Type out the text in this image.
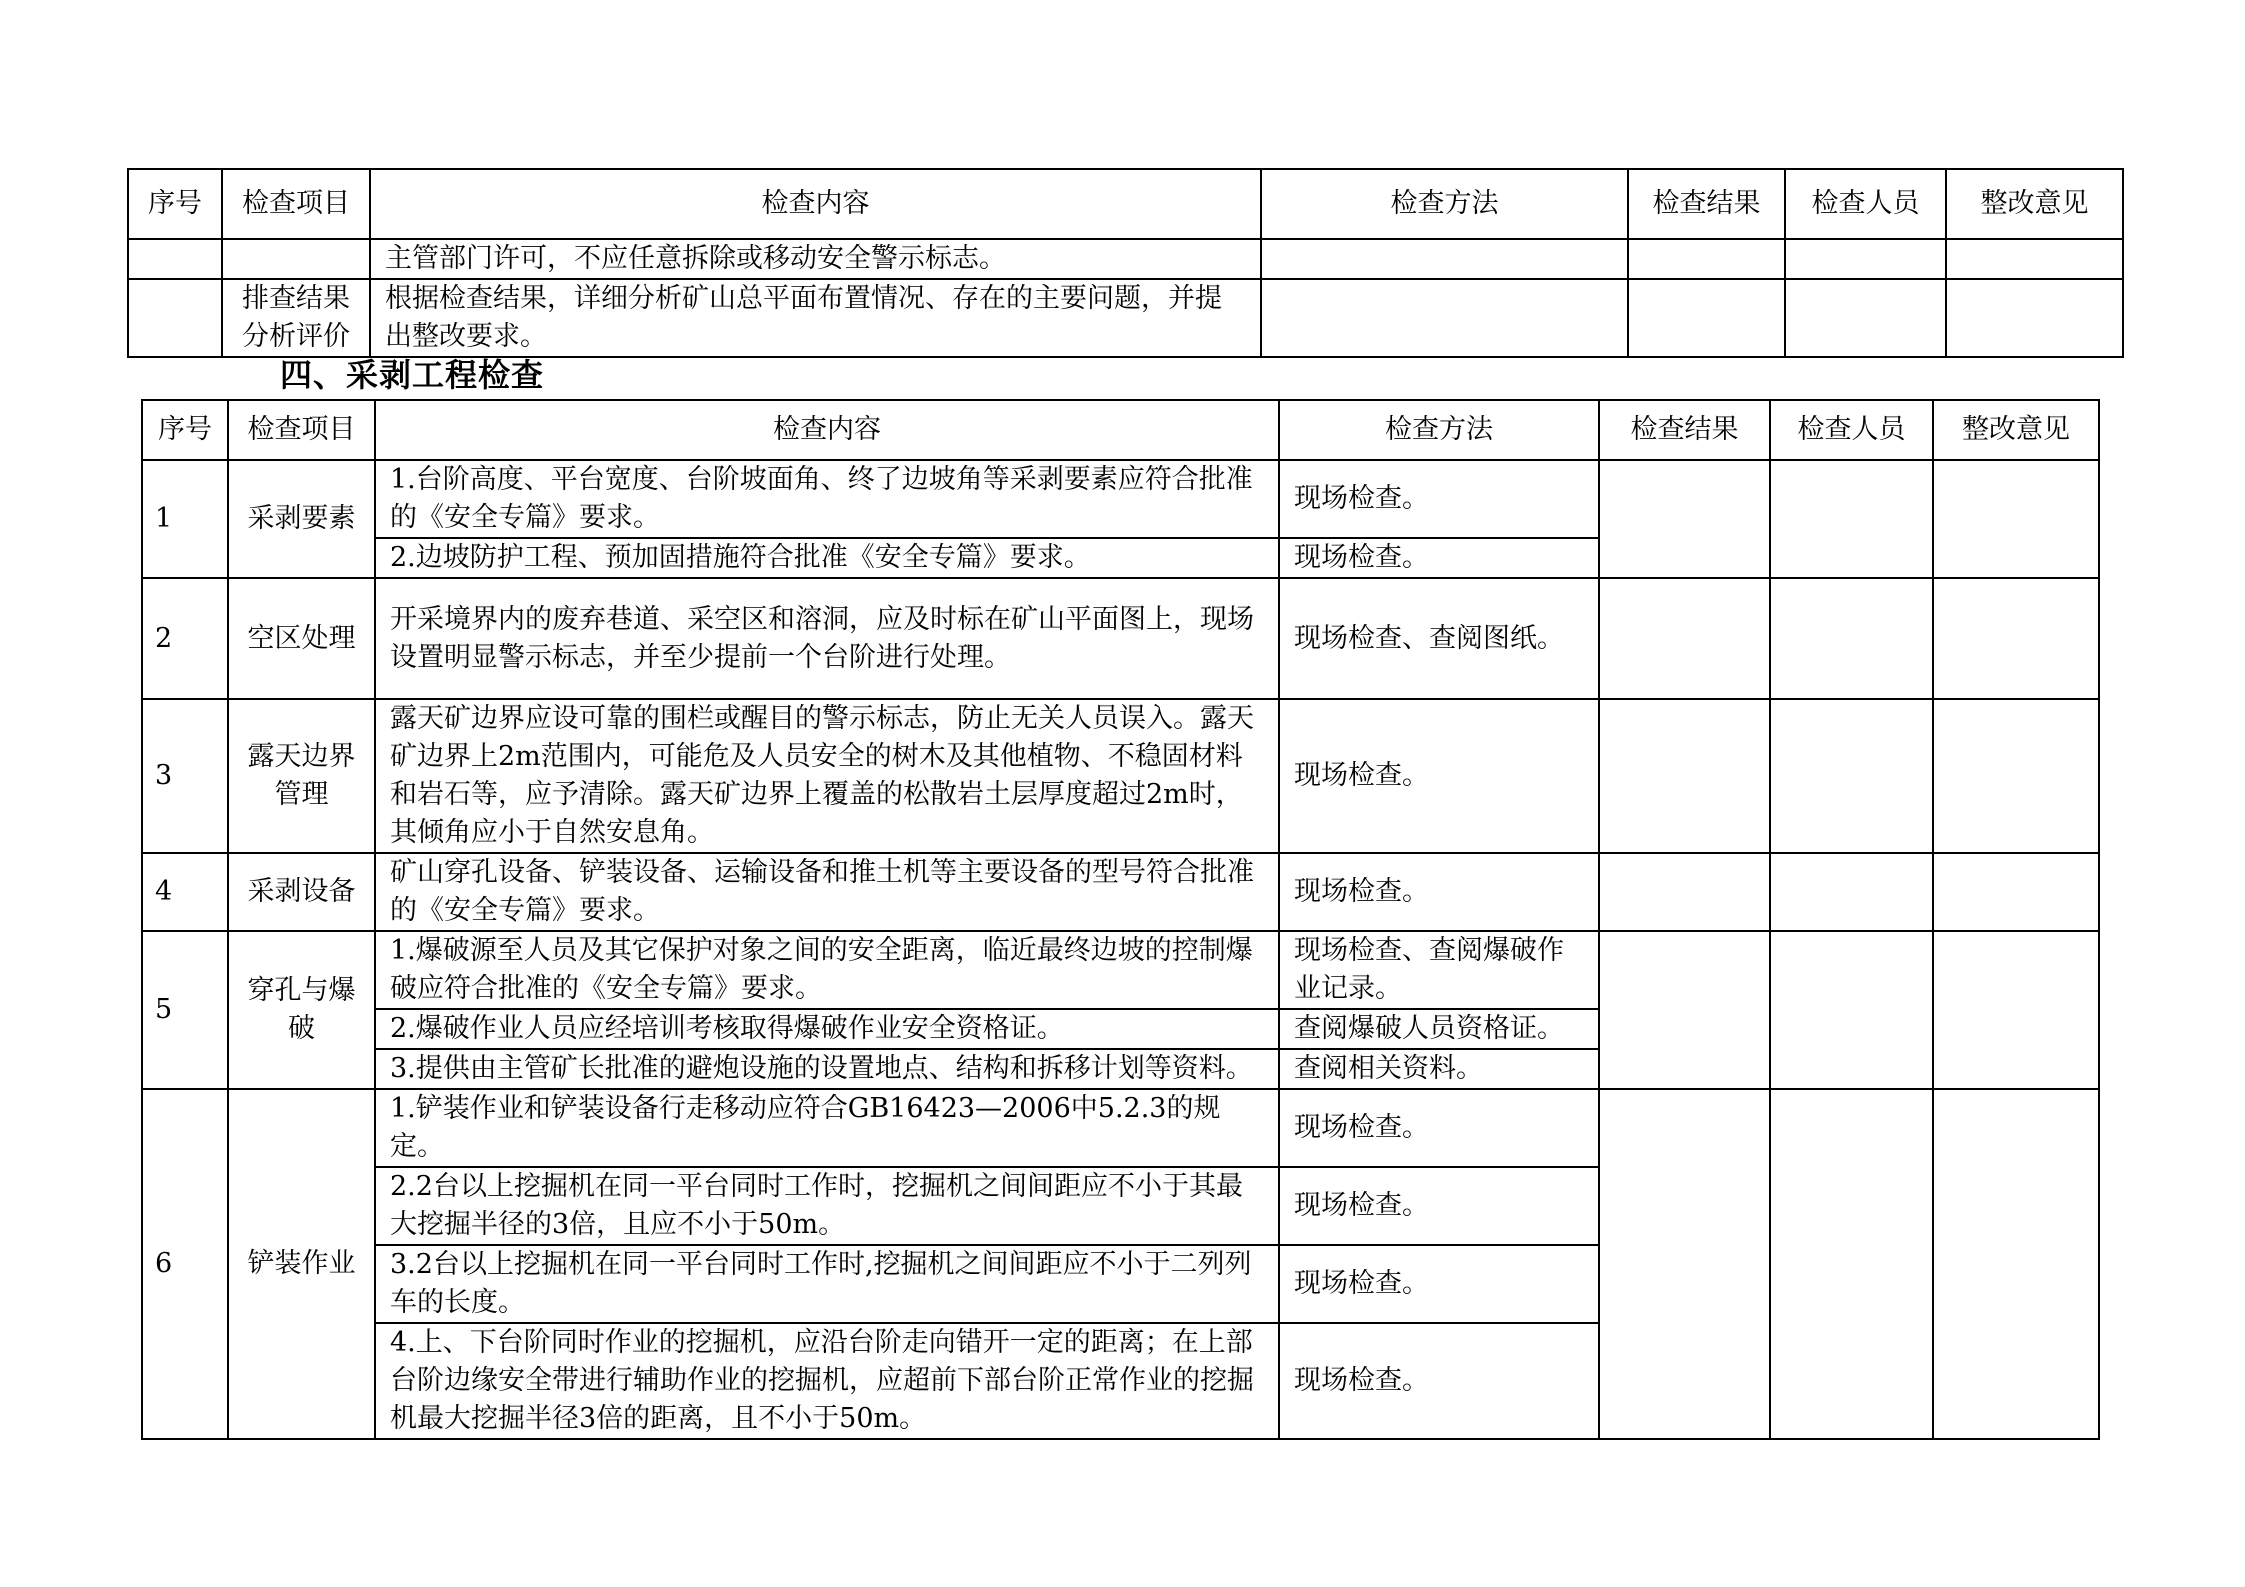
序号	检查项目	检查内容	检查方法	检查结果	检查人员	整改意见
		主管部门许可，不应任意拆除或移动安全警示标志。				
	排查结果分析评价	根据检查结果，详细分析矿山总平面布置情况、存在的主要问题，并提出整改要求。				
四、采剥工程检查
序号	检查项目	检查内容	检查方法	检查结果	检查人员	整改意见
1	采剥要素	1.台阶高度、平台宽度、台阶坡面角、终了边坡角等采剥要素应符合批准的《安全专篇》要求。	现场检查。			
		2.边坡防护工程、预加固措施符合批准《安全专篇》要求。	现场检查。			
2	空区处理	开采境界内的废弃巷道、采空区和溶洞，应及时标在矿山平面图上，现场设置明显警示标志，并至少提前一个台阶进行处理。	现场检查、查阅图纸。			
3	露天边界管理	露天矿边界应设可靠的围栏或醒目的警示标志，防止无关人员误入。露天矿边界上2m范围内，可能危及人员安全的树木及其他植物、不稳固材料和岩石等，应予清除。露天矿边界上覆盖的松散岩土层厚度超过2m时，其倾角应小于自然安息角。	现场检查。			
4	采剥设备	矿山穿孔设备、铲装设备、运输设备和推土机等主要设备的型号符合批准的《安全专篇》要求。	现场检查。			
5	穿孔与爆破	1.爆破源至人员及其它保护对象之间的安全距离，临近最终边坡的控制爆破应符合批准的《安全专篇》要求。	现场检查、查阅爆破作业记录。			
		2.爆破作业人员应经培训考核取得爆破作业安全资格证。	查阅爆破人员资格证。			
		3.提供由主管矿长批准的避炮设施的设置地点、结构和拆移计划等资料。	查阅相关资料。			
6	铲装作业	1.铲装作业和铲装设备行走移动应符合GB16423—2006中5.2.3的规定。	现场检查。			
		2.2台以上挖掘机在同一平台同时工作时，挖掘机之间间距应不小于其最大挖掘半径的3倍，且应不小于50m。	现场检查。			
		3.2台以上挖掘机在同一平台同时工作时,挖掘机之间间距应不小于二列列车的长度。	现场检查。			
		4.上、下台阶同时作业的挖掘机，应沿台阶走向错开一定的距离；在上部台阶边缘安全带进行辅助作业的挖掘机，应超前下部台阶正常作业的挖掘机最大挖掘半径3倍的距离，且不小于50m。	现场检查。			
